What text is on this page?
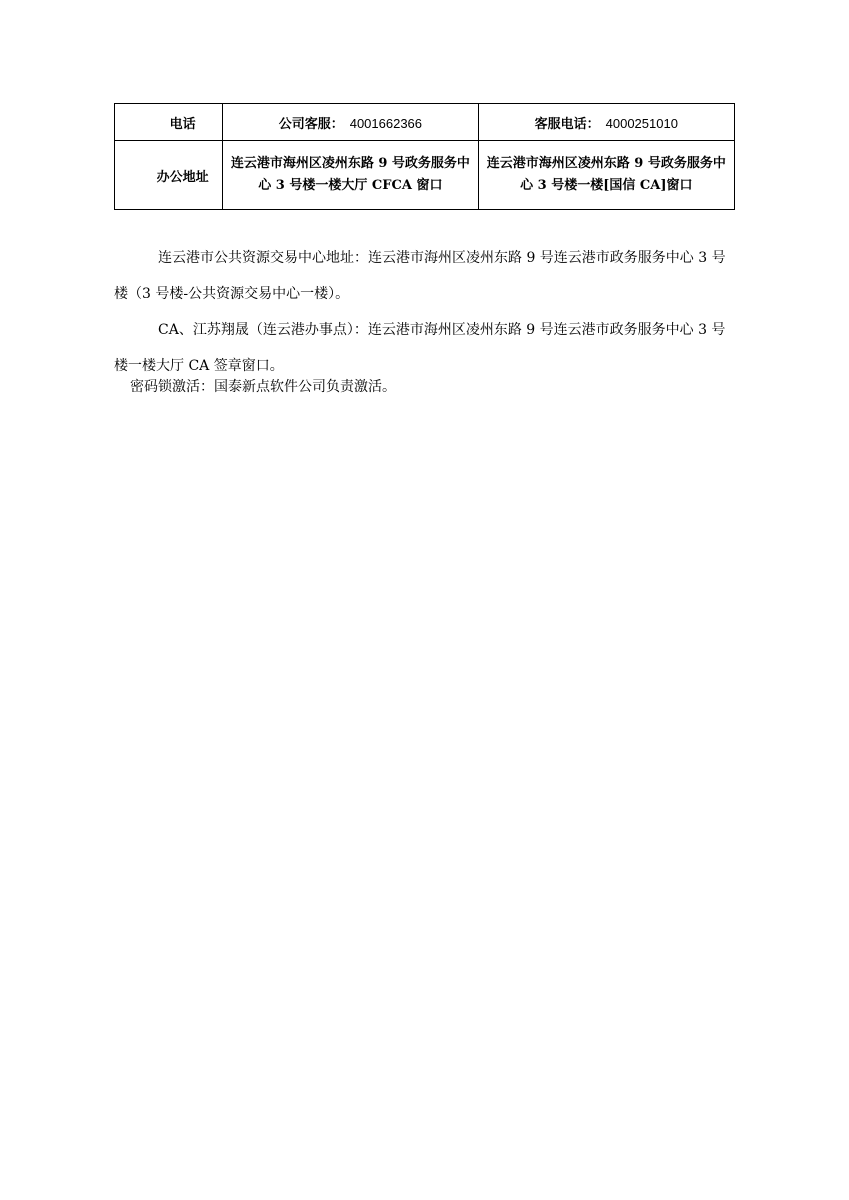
电话	公司客服： 4001662366	客服电话： 4000251010
办公地址	连云港市海州区凌州东路 9 号政务服务中心 3 号楼一楼大厅 CFCA 窗口	连云港市海州区凌州东路 9 号政务服务中心 3 号楼一楼[国信 CA]窗口

连云港市公共资源交易中心地址：连云港市海州区凌州东路 9 号连云港市政务服务中心 3 号楼（3 号楼-公共资源交易中心一楼）。

CA、江苏翔晟（连云港办事点）：连云港市海州区凌州东路 9 号连云港市政务服务中心 3 号楼一楼大厅 CA 签章窗口。

密码锁激活：国泰新点软件公司负责激活。
